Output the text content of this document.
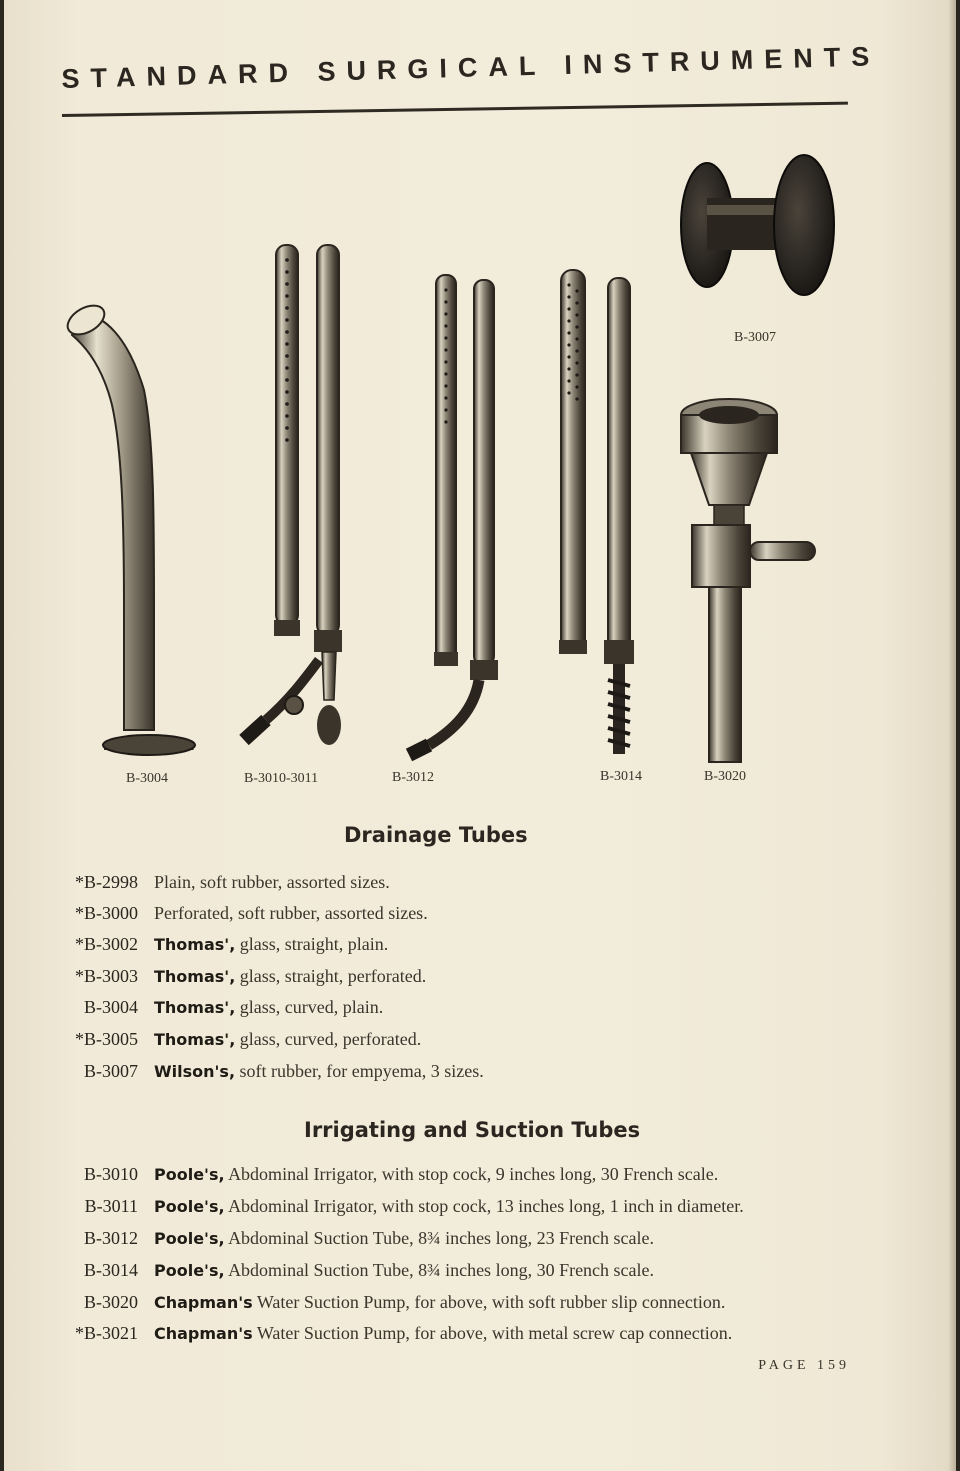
STANDARD SURGICAL INSTRUMENTS
B-3004	B-3010-3011	B-3012	B-3014	B-3020
B-3007
Drainage Tubes
*B-2998 Plain, soft rubber, assorted sizes.
*B-3000 Perforated, soft rubber, assorted sizes.
*B-3002 Thomas', glass, straight, plain.
*B-3003 Thomas', glass, straight, perforated.
B-3004 Thomas', glass, curved, plain.
*B-3005 Thomas', glass, curved, perforated.
B-3007 Wilson's, soft rubber, for empyema, 3 sizes.
Irrigating and Suction Tubes
B-3010 Poole's, Abdominal Irrigator, with stop cock, 9 inches long, 30 French scale.
B-3011 Poole's, Abdominal Irrigator, with stop cock, 13 inches long, 1 inch in diameter.
B-3012 Poole's, Abdominal Suction Tube, 8¾ inches long, 23 French scale.
B-3014 Poole's, Abdominal Suction Tube, 8¾ inches long, 30 French scale.
B-3020 Chapman's Water Suction Pump, for above, with soft rubber slip connection.
*B-3021 Chapman's Water Suction Pump, for above, with metal screw cap connection.
PAGE 159
